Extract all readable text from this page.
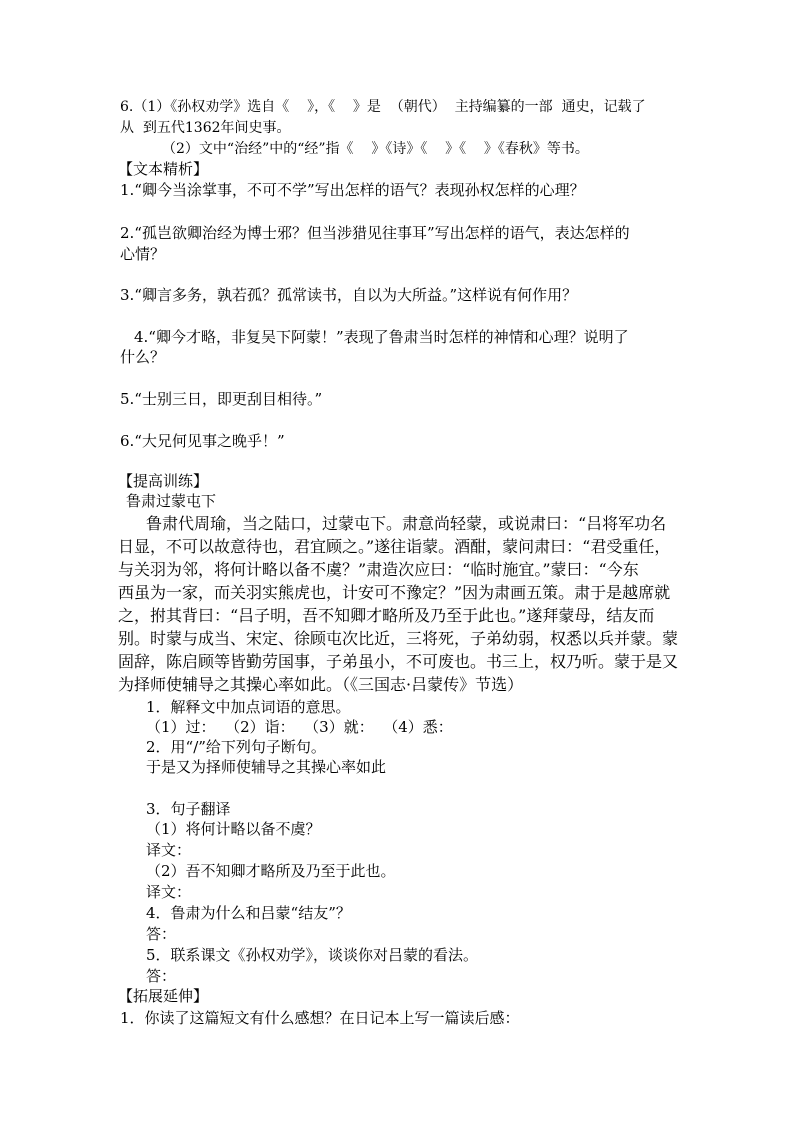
6.（1）《孙权劝学》选自《    》，《    》是  （朝代）  主持编纂的一部  通史，记载了
从  到五代1362年间史事。
（2）文中“治经”中的“经”指《    》《诗》《    》《    》《春秋》等书。
【文本精析】
1.“卿今当涂掌事，不可不学”写出怎样的语气？表现孙权怎样的心理？
2.“孤岂欲卿治经为博士邪？但当涉猎见往事耳”写出怎样的语气，表达怎样的
心情？
3.“卿言多务，孰若孤？孤常读书，自以为大所益。”这样说有何作用？
4.“卿今才略，非复吴下阿蒙！”表现了鲁肃当时怎样的神情和心理？说明了
什么？
5.“士别三日，即更刮目相待。”
6.“大兄何见事之晚乎！”
【提高训练】
鲁肃过蒙屯下
鲁肃代周瑜，当之陆口，过蒙屯下。肃意尚轻蒙，或说肃曰：“吕将军功名
日显，不可以故意待也，君宜顾之。”遂往诣蒙。酒酣，蒙问肃曰：“君受重任，
与关羽为邻，将何计略以备不虞？”肃造次应曰：“临时施宜。”蒙曰：“今东
西虽为一家，而关羽实熊虎也，计安可不豫定？”因为肃画五策。肃于是越席就
之，拊其背曰：“吕子明，吾不知卿才略所及乃至于此也。”遂拜蒙母，结友而
别。时蒙与成当、宋定、徐顾屯次比近，三将死，子弟幼弱，权悉以兵并蒙。蒙
固辞，陈启顾等皆勤劳国事，子弟虽小，不可废也。书三上，权乃听。蒙于是又
为择师使辅导之其操心率如此。（《三国志·吕蒙传》节选）
1．解释文中加点词语的意思。
（1）过：  （2）诣：  （3）就：  （4）悉：
2．用“/”给下列句子断句。
于是又为择师使辅导之其操心率如此
3．句子翻译
（1）将何计略以备不虞？
译文：
（2）吾不知卿才略所及乃至于此也。
译文：
4．鲁肃为什么和吕蒙“结友”？
答：
5．联系课文《孙权劝学》，谈谈你对吕蒙的看法。
答：
【拓展延伸】
1．你读了这篇短文有什么感想？在日记本上写一篇读后感：
